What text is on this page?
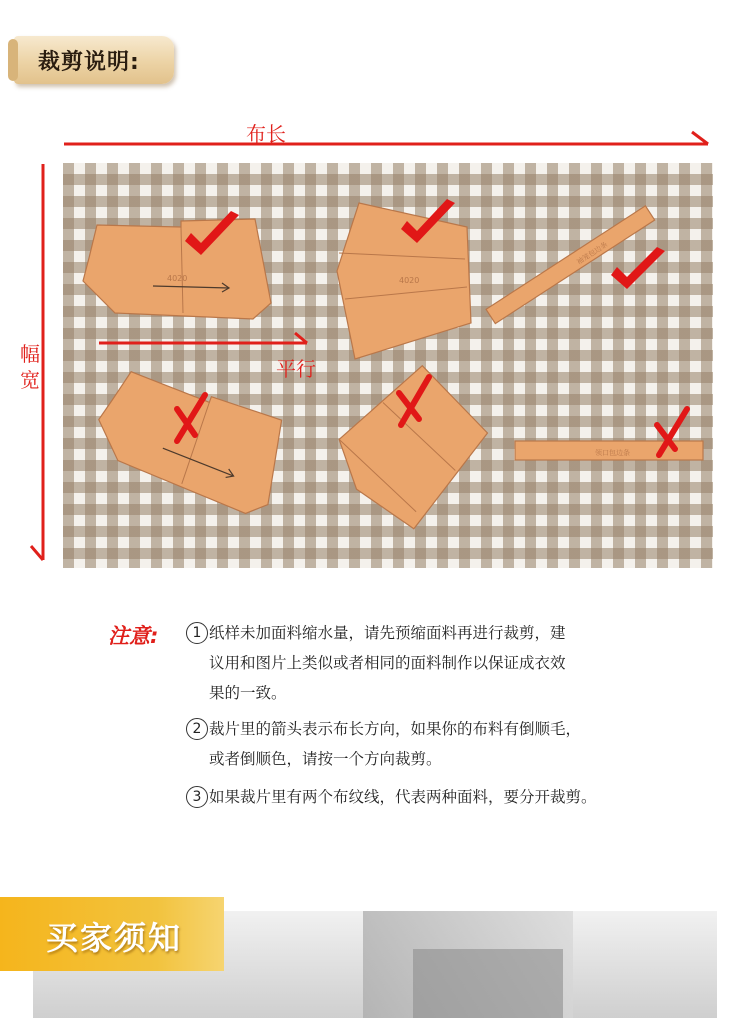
裁剪说明:
布长
幅
宽
4020	4020
袖笼包边条
领口包边条
平行
注意:	1 纸样未加面料缩水量，请先预缩面料再进行裁剪，建
议用和图片上类似或者相同的面料制作以保证成衣效
果的一致。
2 裁片里的箭头表示布长方向，如果你的布料有倒顺毛，
或者倒顺色，请按一个方向裁剪。
3 如果裁片里有两个布纹线，代表两种面料，要分开裁剪。
买家须知
